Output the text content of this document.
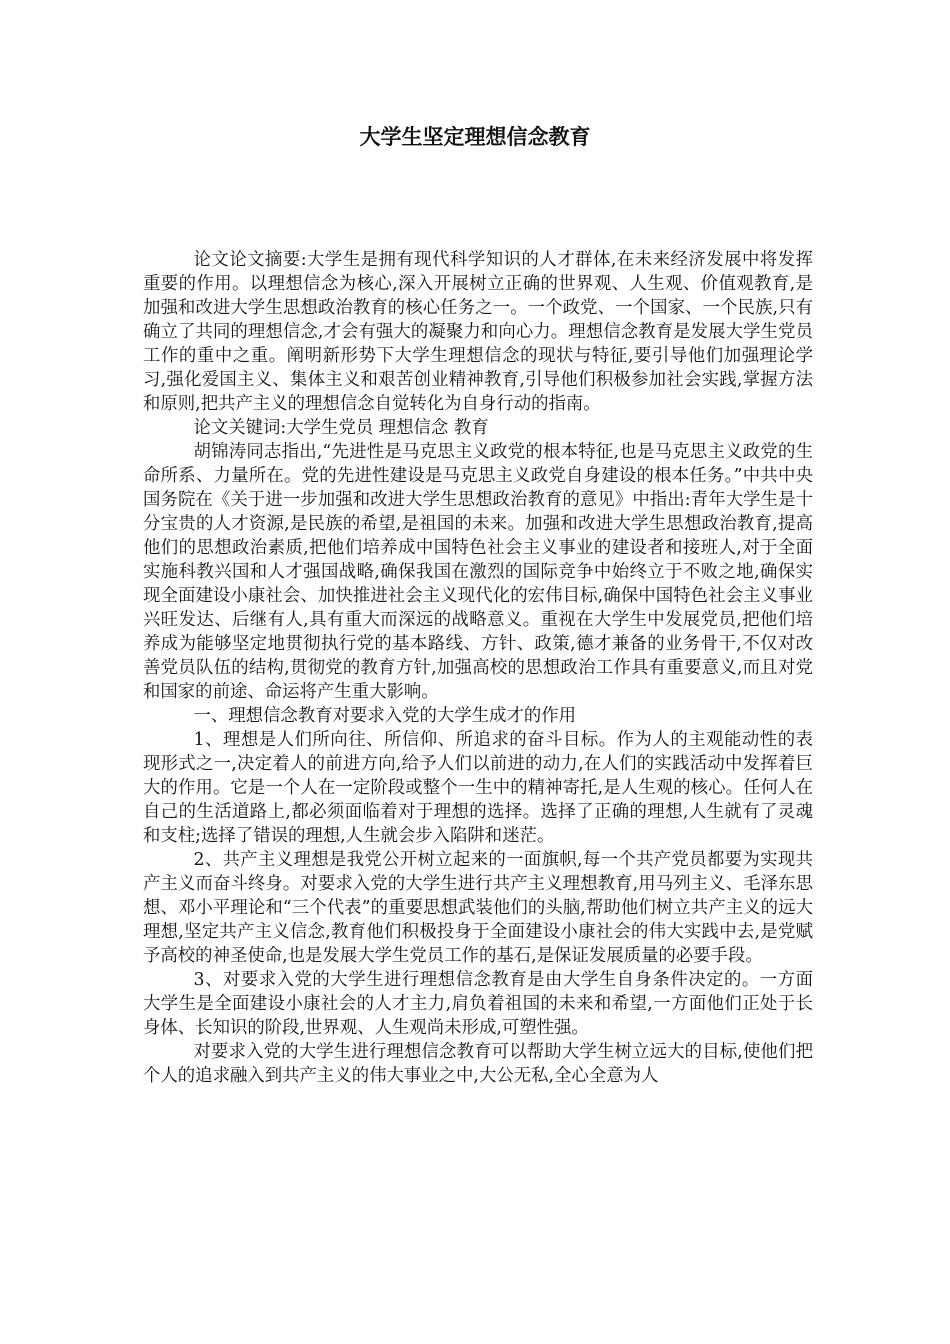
大学生坚定理想信念教育

论文论文摘要:大学生是拥有现代科学知识的人才群体,在未来经济发展中将发挥重要的作用。以理想信念为核心,深入开展树立正确的世界观、人生观、价值观教育,是加强和改进大学生思想政治教育的核心任务之一。一个政党、一个国家、一个民族,只有确立了共同的理想信念,才会有强大的凝聚力和向心力。理想信念教育是发展大学生党员工作的重中之重。阐明新形势下大学生理想信念的现状与特征,要引导他们加强理论学习,强化爱国主义、集体主义和艰苦创业精神教育,引导他们积极参加社会实践,掌握方法和原则,把共产主义的理想信念自觉转化为自身行动的指南。

论文关键词:大学生党员 理想信念 教育

胡锦涛同志指出,“先进性是马克思主义政党的根本特征,也是马克思主义政党的生命所系、力量所在。党的先进性建设是马克思主义政党自身建设的根本任务。”中共中央国务院在《关于进一步加强和改进大学生思想政治教育的意见》中指出:青年大学生是十分宝贵的人才资源,是民族的希望,是祖国的未来。加强和改进大学生思想政治教育,提高他们的思想政治素质,把他们培养成中国特色社会主义事业的建设者和接班人,对于全面实施科教兴国和人才强国战略,确保我国在激烈的国际竞争中始终立于不败之地,确保实现全面建设小康社会、加快推进社会主义现代化的宏伟目标,确保中国特色社会主义事业兴旺发达、后继有人,具有重大而深远的战略意义。重视在大学生中发展党员,把他们培养成为能够坚定地贯彻执行党的基本路线、方针、政策,德才兼备的业务骨干,不仅对改善党员队伍的结构,贯彻党的教育方针,加强高校的思想政治工作具有重要意义,而且对党和国家的前途、命运将产生重大影响。

一、理想信念教育对要求入党的大学生成才的作用

1、理想是人们所向往、所信仰、所追求的奋斗目标。作为人的主观能动性的表现形式之一,决定着人的前进方向,给予人们以前进的动力,在人们的实践活动中发挥着巨大的作用。它是一个人在一定阶段或整个一生中的精神寄托,是人生观的核心。任何人在自己的生活道路上,都必须面临着对于理想的选择。选择了正确的理想,人生就有了灵魂和支柱;选择了错误的理想,人生就会步入陷阱和迷茫。

2、共产主义理想是我党公开树立起来的一面旗帜,每一个共产党员都要为实现共产主义而奋斗终身。对要求入党的大学生进行共产主义理想教育,用马列主义、毛泽东思想、邓小平理论和“三个代表”的重要思想武装他们的头脑,帮助他们树立共产主义的远大理想,坚定共产主义信念,教育他们积极投身于全面建设小康社会的伟大实践中去,是党赋予高校的神圣使命,也是发展大学生党员工作的基石,是保证发展质量的必要手段。

3、对要求入党的大学生进行理想信念教育是由大学生自身条件决定的。一方面大学生是全面建设小康社会的人才主力,肩负着祖国的未来和希望,一方面他们正处于长身体、长知识的阶段,世界观、人生观尚未形成,可塑性强。

对要求入党的大学生进行理想信念教育可以帮助大学生树立远大的目标,使他们把个人的追求融入到共产主义的伟大事业之中,大公无私,全心全意为人
